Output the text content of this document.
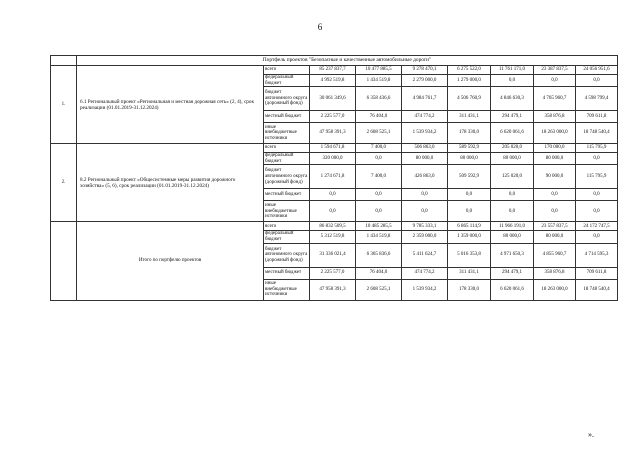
6
	Портфель проектов "Безопасные и качественные автомобильные дороги"								
1.	6.1 Региональный проект «Региональная и местная дорожная сеть» (2, 4), срок реализации (01.01.2019-31.12.2024)	всего	85 237 837,7	10 477 885,5	9 278 470,1	6 275 522,0	11 761 171,0	23 387 837,5	24 056 951,6
		федеральный бюджет	4 992 519,8	1 434 519,8	2 279 000,0	1 279 000,0	0,0	0,0	0,0
		бюджет автономного округа (дорожный фонд)	30 061 349,6	6 358 436,6	4 984 761,7	4 506 760,9	4 846 630,3	4 765 960,7	4 598 799,4
		местный бюджет	2 225 577,0	76 404,0	474 774,2	311 431,1	294 479,1	358 876,8	709 611,8
		иные внебюджетные источники	47 958 391,3	2 608 525,1	1 539 934,2	178 330,0	6 620 061,6	18 263 000,0	18 748 540,4
2.	8.2 Региональный проект «Общесистемные меры развития дорожного хозяйства» (5, 6), срок реализации (01.01.2019-31.12.2024)	всего	1 594 671,8	7 400,0	506 863,0	589 592,9	205 020,0	170 000,0	115 795,9
		федеральный бюджет	320 000,0	0,0	80 000,0	80 000,0	80 000,0	80 000,0	0,0
		бюджет автономного округа (дорожный фонд)	1 274 671,8	7 400,0	426 863,0	509 592,9	125 020,0	90 000,0	115 795,9
		местный бюджет	0,0	0,0	0,0	0,0	0,0	0,0	0,0
		иные внебюджетные источники	0,0	0,0	0,0	0,0	0,0	0,0	0,0
	Итого по портфелю проектов	всего	86 832 509,5	10 485 285,5	9 785 333,1	6 865 114,9	11 966 191,0	23 557 837,5	24 172 747,5
		федеральный бюджет	5 312 519,8	1 434 519,8	2 359 000,0	1 359 000,0	80 000,0	80 000,0	0,0
		бюджет автономного округа (дорожный фонд)	31 336 021,4	6 365 836,6	5 411 624,7	5 016 353,8	4 971 650,3	4 855 960,7	4 714 595,3
		местный бюджет	2 225 577,0	76 404,0	474 774,2	311 431,1	294 479,1	358 876,8	709 611,8
		иные внебюджетные источники	47 958 391,3	2 608 525,1	1 539 934,2	178 330,0	6 620 061,6	18 263 000,0	18 748 540,4
».
